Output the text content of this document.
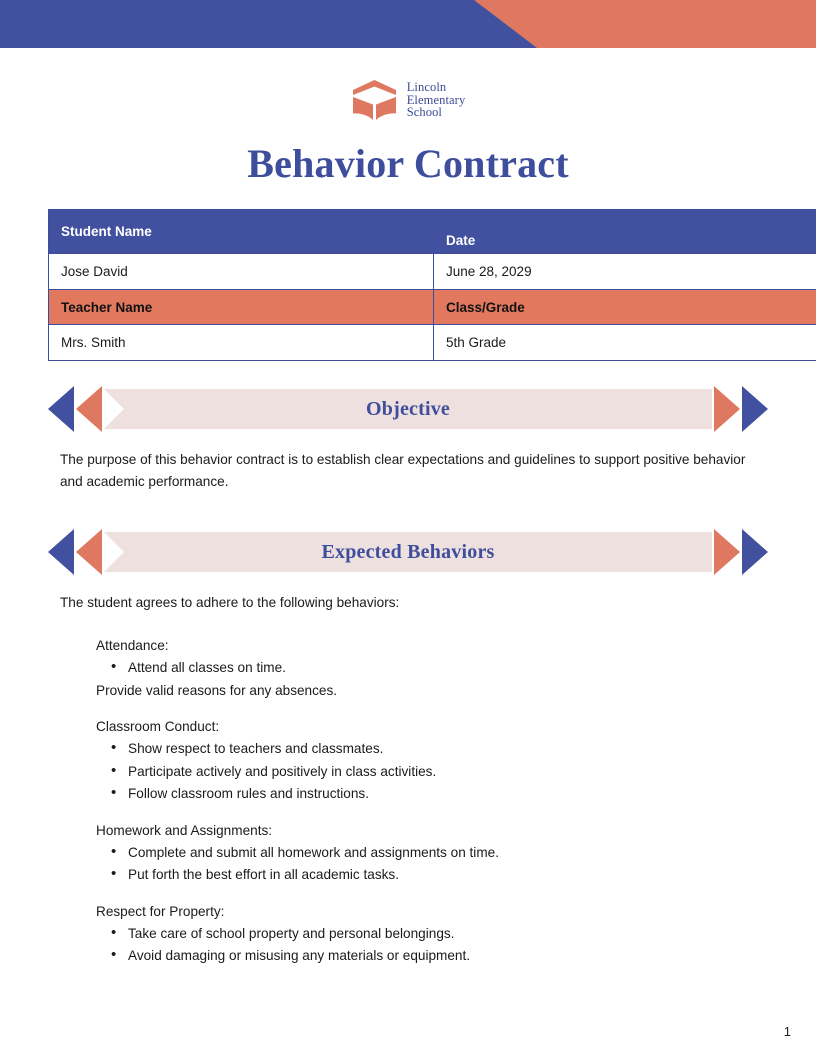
Lincoln
Elementary
School
Behavior Contract
Student Name	Date
Jose David	June 28, 2029
Teacher Name	Class/Grade
Mrs. Smith	5th Grade
Objective
The purpose of this behavior contract is to establish clear expectations and guidelines to support positive behavior and academic performance.
Expected Behaviors
The student agrees to adhere to the following behaviors:
Attendance:
• Attend all classes on time.
Provide valid reasons for any absences.
Classroom Conduct:
• Show respect to teachers and classmates.
• Participate actively and positively in class activities.
• Follow classroom rules and instructions.
Homework and Assignments:
• Complete and submit all homework and assignments on time.
• Put forth the best effort in all academic tasks.
Respect for Property:
• Take care of school property and personal belongings.
• Avoid damaging or misusing any materials or equipment.
1
